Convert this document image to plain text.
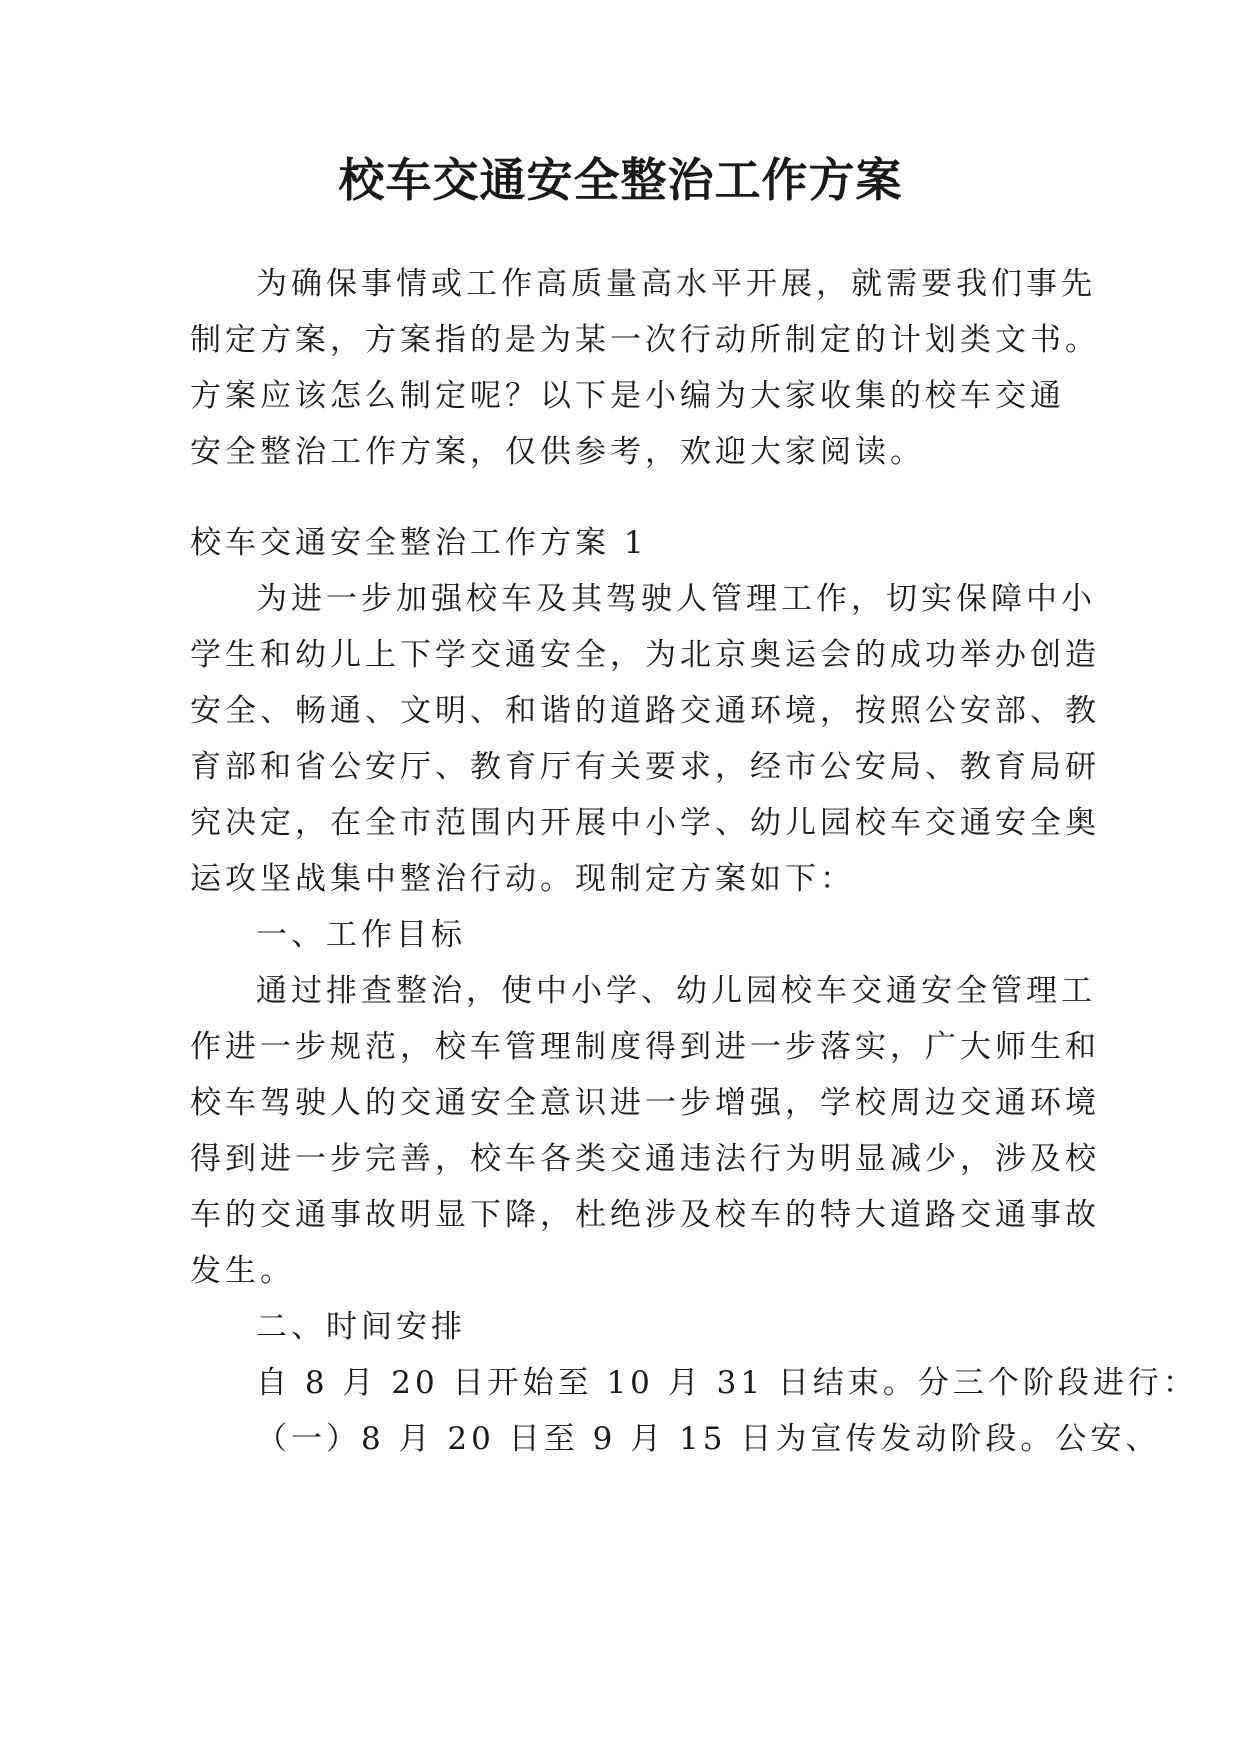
校车交通安全整治工作方案
为确保事情或工作高质量高水平开展，就需要我们事先
制定方案，方案指的是为某一次行动所制定的计划类文书。
方案应该怎么制定呢？以下是小编为大家收集的校车交通
安全整治工作方案，仅供参考，欢迎大家阅读。
校车交通安全整治工作方案 1
为进一步加强校车及其驾驶人管理工作，切实保障中小
学生和幼儿上下学交通安全，为北京奥运会的成功举办创造
安全、畅通、文明、和谐的道路交通环境，按照公安部、教
育部和省公安厅、教育厅有关要求，经市公安局、教育局研
究决定，在全市范围内开展中小学、幼儿园校车交通安全奥
运攻坚战集中整治行动。现制定方案如下：
一、工作目标
通过排查整治，使中小学、幼儿园校车交通安全管理工
作进一步规范，校车管理制度得到进一步落实，广大师生和
校车驾驶人的交通安全意识进一步增强，学校周边交通环境
得到进一步完善，校车各类交通违法行为明显减少，涉及校
车的交通事故明显下降，杜绝涉及校车的特大道路交通事故
发生。
二、时间安排
自 8 月 20 日开始至 10 月 31 日结束。分三个阶段进行：
（一）8 月 20 日至 9 月 15 日为宣传发动阶段。公安、
